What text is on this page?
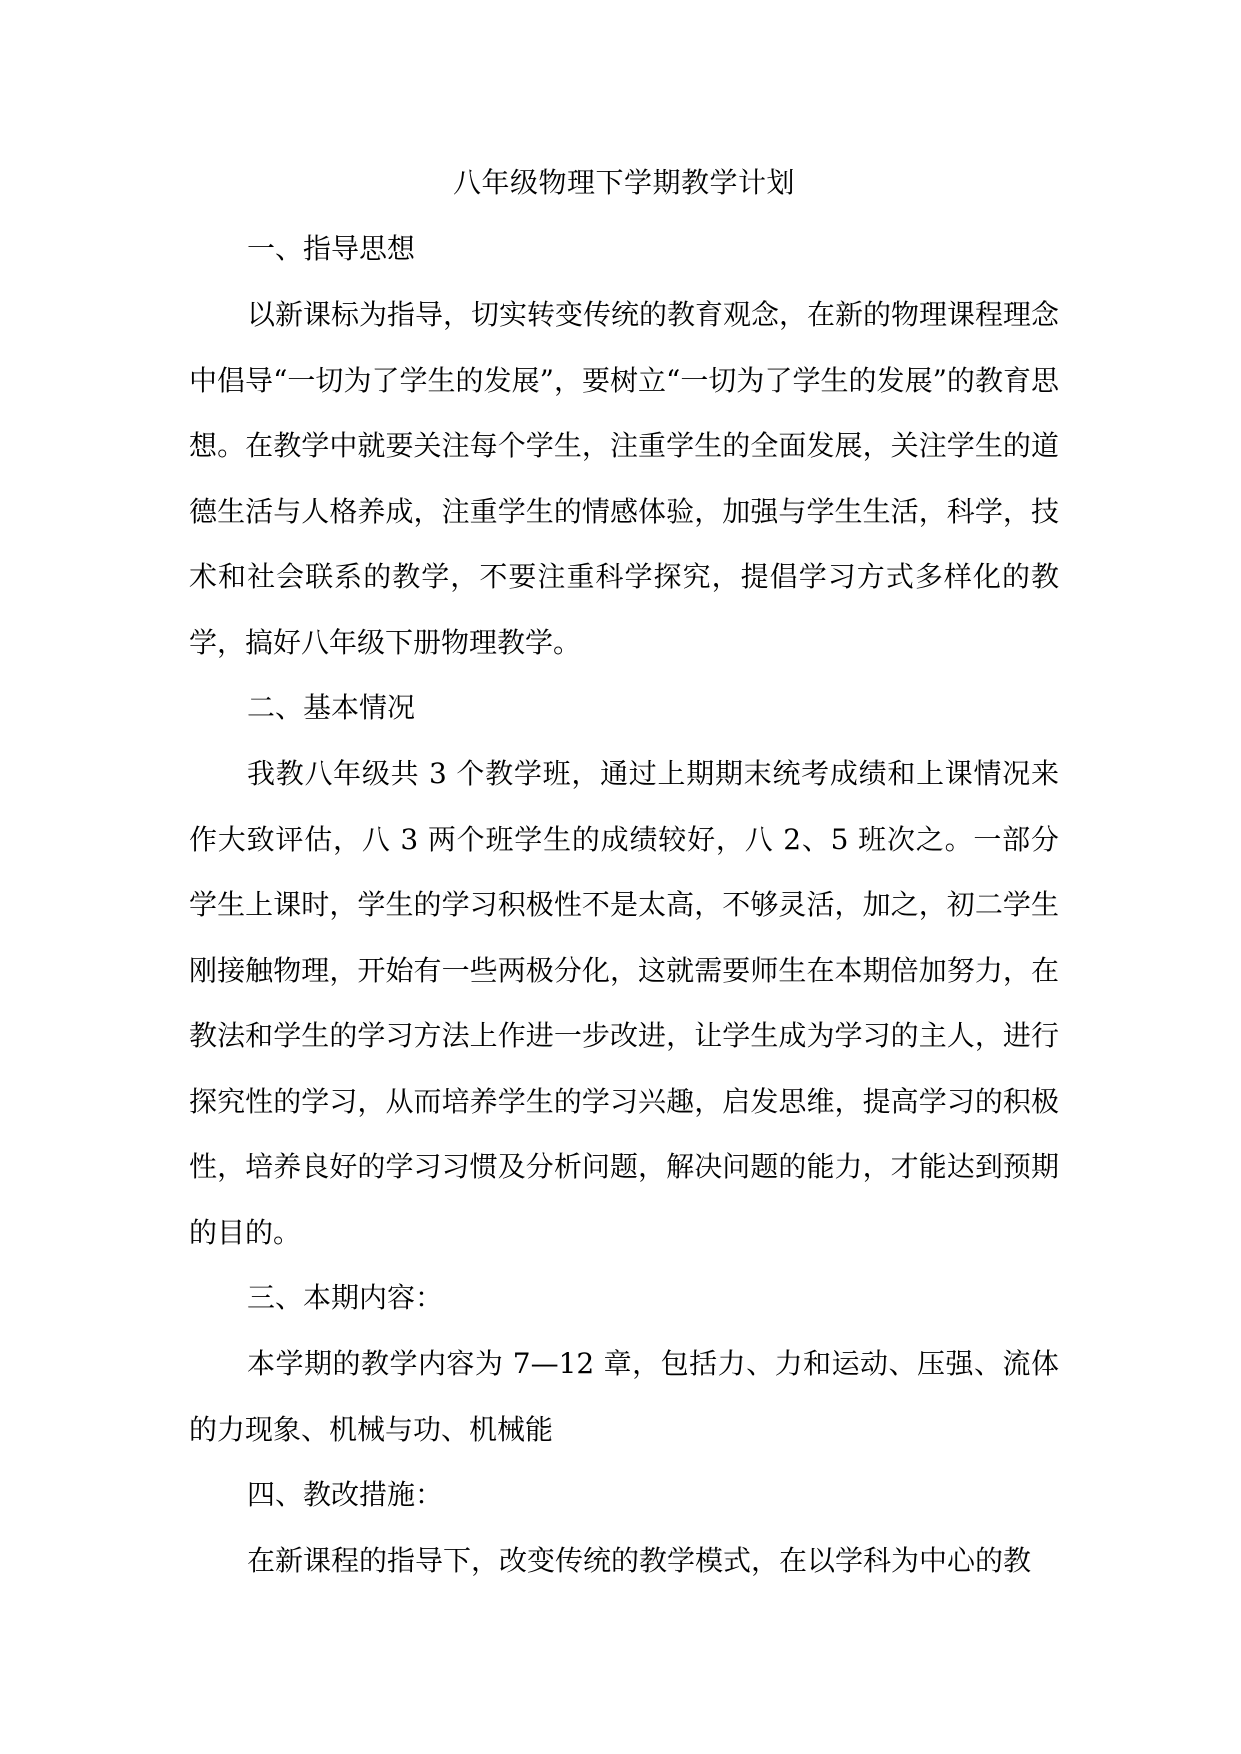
八年级物理下学期教学计划
一、指导思想

以新课标为指导，切实转变传统的教育观念，在新的物理课程理念中倡导“一切为了学生的发展”，要树立“一切为了学生的发展”的教育思想。在教学中就要关注每个学生，注重学生的全面发展，关注学生的道德生活与人格养成，注重学生的情感体验，加强与学生生活，科学，技术和社会联系的教学，不要注重科学探究，提倡学习方式多样化的教学，搞好八年级下册物理教学。

二、基本情况

我教八年级共 3 个教学班，通过上期期末统考成绩和上课情况来作大致评估，八 3 两个班学生的成绩较好，八 2、5 班次之。一部分学生上课时，学生的学习积极性不是太高，不够灵活，加之，初二学生刚接触物理，开始有一些两极分化，这就需要师生在本期倍加努力，在教法和学生的学习方法上作进一步改进，让学生成为学习的主人，进行探究性的学习，从而培养学生的学习兴趣，启发思维，提高学习的积极性，培养良好的学习习惯及分析问题，解决问题的能力，才能达到预期的目的。

三、本期内容：

本学期的教学内容为 7—12 章，包括力、力和运动、压强、流体的力现象、机械与功、机械能

四、教改措施：

在新课程的指导下，改变传统的教学模式，在以学科为中心的教
